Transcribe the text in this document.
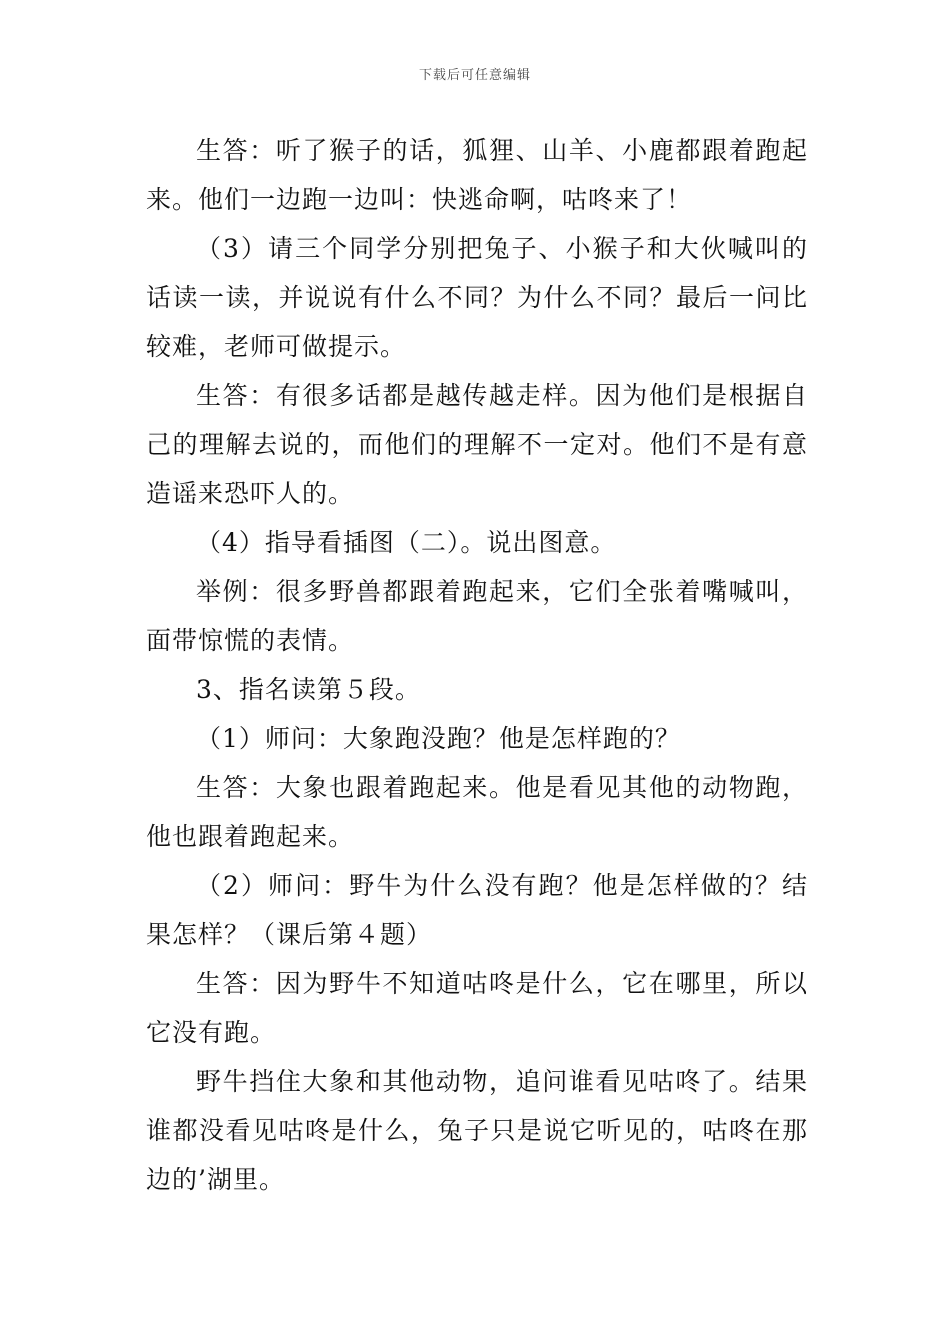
下载后可任意编辑

生答：听了猴子的话，狐狸、山羊、小鹿都跟着跑起来。他们一边跑一边叫：快逃命啊，咕咚来了！

（3）请三个同学分别把兔子、小猴子和大伙喊叫的话读一读，并说说有什么不同？为什么不同？最后一问比较难，老师可做提示。

生答：有很多话都是越传越走样。因为他们是根据自己的理解去说的，而他们的理解不一定对。他们不是有意造谣来恐吓人的。

（4）指导看插图（二）。说出图意。

举例：很多野兽都跟着跑起来，它们全张着嘴喊叫，面带惊慌的表情。

3、指名读第５段。

（1）师问：大象跑没跑？他是怎样跑的？

生答：大象也跟着跑起来。他是看见其他的动物跑，他也跟着跑起来。

（2）师问：野牛为什么没有跑？他是怎样做的？结果怎样？（课后第４题）

生答：因为野牛不知道咕咚是什么，它在哪里，所以它没有跑。

野牛挡住大象和其他动物，追问谁看见咕咚了。结果谁都没看见咕咚是什么，兔子只是说它听见的，咕咚在那边的’湖里。
